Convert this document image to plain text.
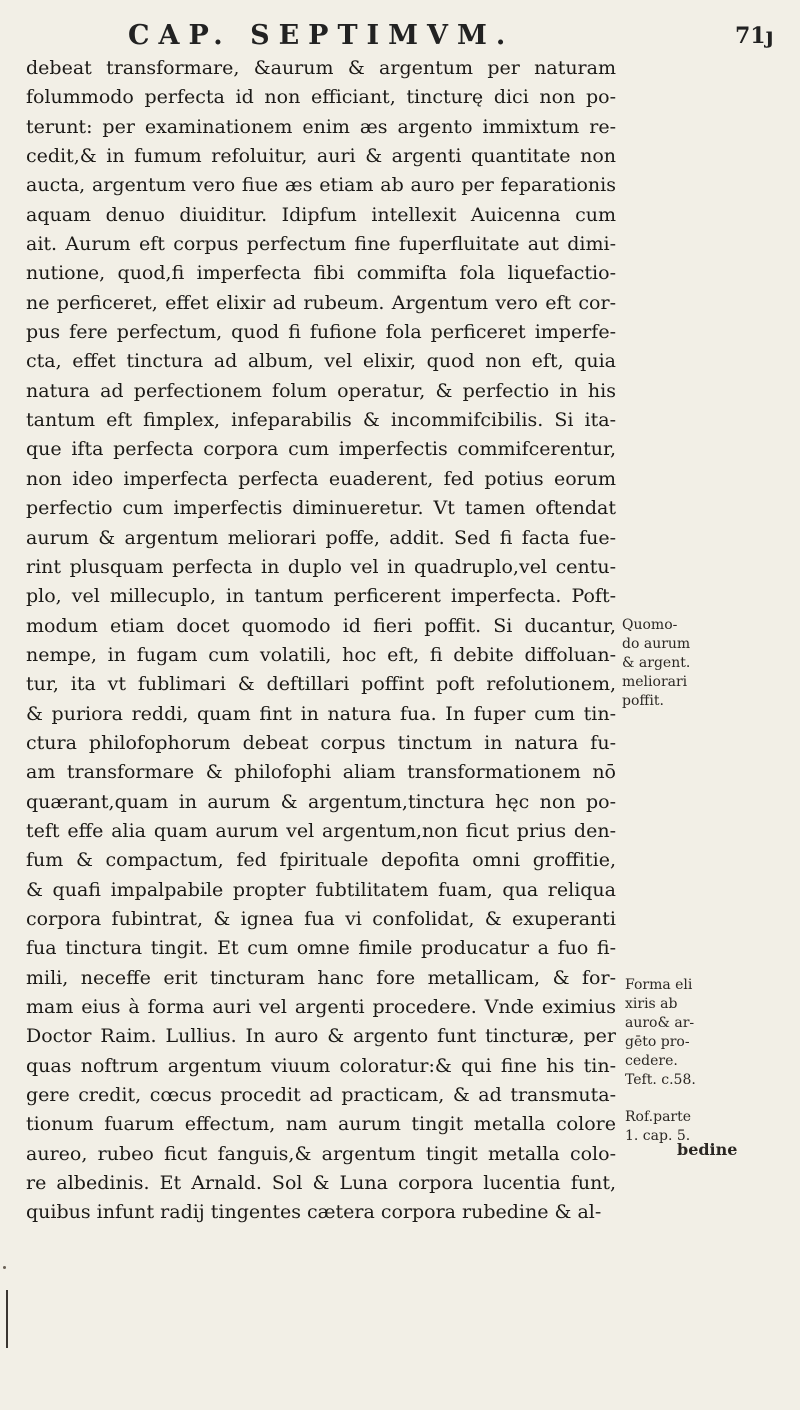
CAP. SEPTIMVM.	71ȷ
debeat transformare, &aurum & argentum per naturam
folummodo perfecta id non efficiant, tincturę dici non po-
terunt: per examinationem enim æs argento immixtum re-
cedit,& in fumum refoluitur, auri & argenti quantitate non
aucta, argentum vero fiue æs etiam ab auro per feparationis
aquam denuo diuiditur. Idipfum intellexit Auicenna cum
ait. Aurum eft corpus perfectum fine fuperfluitate aut dimi-
nutione, quod,fi imperfecta fibi commifta fola liquefactio-
ne perficeret, effet elixir ad rubeum. Argentum vero eft cor-
pus fere perfectum, quod fi fufione fola perficeret imperfe-
cta, effet tinctura ad album, vel elixir, quod non eft, quia
natura ad perfectionem folum operatur, & perfectio in his
tantum eft fimplex, infeparabilis & incommifcibilis. Si ita-
que ifta perfecta corpora cum imperfectis commifcerentur,
non ideo imperfecta perfecta euaderent, fed potius eorum
perfectio cum imperfectis diminueretur. Vt tamen oftendat
aurum & argentum meliorari poffe, addit. Sed fi facta fue-
rint plusquam perfecta in duplo vel in quadruplo,vel centu-
plo, vel millecuplo, in tantum perficerent imperfecta. Poft-
modum etiam docet quomodo id fieri poffit. Si ducantur,
nempe, in fugam cum volatili, hoc eft, fi debite diffoluan-
tur, ita vt fublimari & deftillari poffint poft refolutionem,
& puriora reddi, quam fint in natura fua. In fuper cum tin-
ctura philofophorum debeat corpus tinctum in natura fu-
am transformare & philofophi aliam transformationem nō
quærant,quam in aurum & argentum,tinctura hęc non po-
teft effe alia quam aurum vel argentum,non ficut prius den-
fum & compactum, fed fpirituale depofita omni groffitie,
& quafi impalpabile propter fubtilitatem fuam, qua reliqua
corpora fubintrat, & ignea fua vi confolidat, & exuperanti
fua tinctura tingit. Et cum omne fimile producatur a fuo fi-
mili, neceffe erit tincturam hanc fore metallicam, & for-
mam eius à forma auri vel argenti procedere. Vnde eximius
Doctor Raim. Lullius. In auro & argento funt tincturæ, per
quas noftrum argentum viuum coloratur:& qui fine his tin-
gere credit, cœcus procedit ad practicam, & ad transmuta-
tionum fuarum effectum, nam aurum tingit metalla colore
aureo, rubeo ficut fanguis,& argentum tingit metalla colo-
re albedinis. Et Arnald. Sol & Luna corpora lucentia funt,
quibus infunt radij tingentes cætera corpora rubedine & al-
Quomo-
do aurum
& argent.
meliorari
poffit.
Forma eli
xiris ab
auro& ar-
gēto pro-
cedere.
Teft. c.58.
Rof.parte
1. cap. 5.
bedine
